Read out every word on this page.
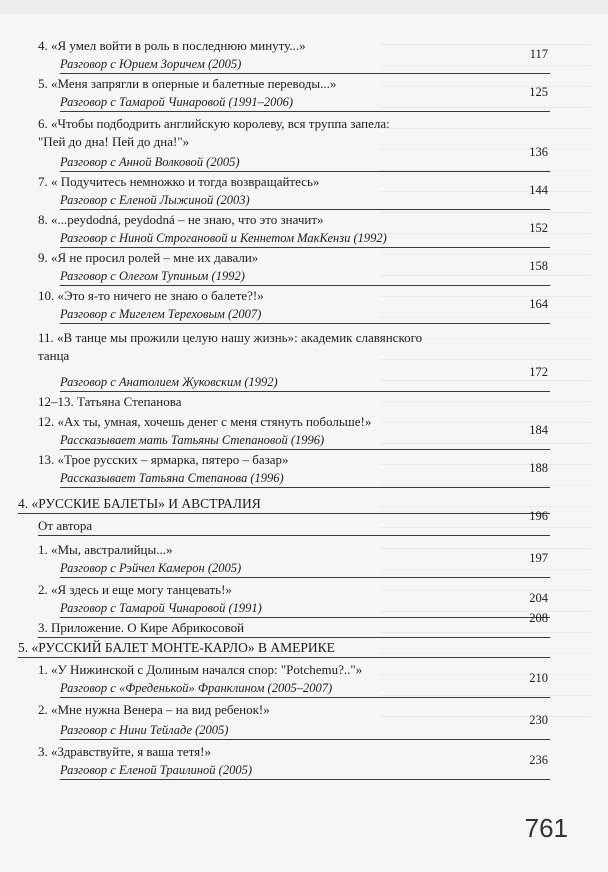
4. «Я умел войти в роль в последнюю минуту...»
Разговор с Юрием Зоричем (2005)
117
5. «Меня запрягли в оперные и балетные переводы...»
Разговор с Тамарой Чинаровой (1991–2006)
125
6. «Чтобы подбодрить английскую королеву, вся труппа запела:
"Пей до дна! Пей до дна!"»
Разговор с Анной Волковой (2005)
136
7. « Подучитесь немножко и тогда возвращайтесь»
Разговор с Еленой Лыжиной (2003)
144
8. «...peydodná, peydodná – не знаю, что это значит»
Разговор с Ниной Строгановой и Кеннетом МакКензи (1992)
152
9. «Я не просил ролей – мне их давали»
Разговор с Олегом Тупиным (1992)
158
10. «Это я-то ничего не знаю о балете?!»
Разговор с Мигелем Тереховым (2007)
164
11. «В танце мы прожили целую нашу жизнь»: академик славянского
танца
Разговор с Анатолием Жуковским (1992)
172
12–13. Татьяна Степанова
12. «Ах ты, умная, хочешь денег с меня стянуть побольше!»
Рассказывает мать Татьяны Степановой (1996)
184
13. «Трое русских – ярмарка, пятеро – базар»
Рассказывает Татьяна Степанова (1996)
188
4. «РУССКИЕ БАЛЕТЫ» И АВСТРАЛИЯ
От автора
196
1. «Мы, австралийцы...»
Разговор с Рэйчел Камерон (2005)
197
2. «Я здесь и еще могу танцевать!»
Разговор с Тамарой Чинаровой (1991)
204
3. Приложение. О Кире Абрикосовой
208
5. «РУССКИЙ БАЛЕТ МОНТЕ-КАРЛО» В АМЕРИКЕ
1. «У Нижинской с Долиным начался спор: "Potchemu?.."»
Разговор с «Фреденькой» Франклином (2005–2007)
210
2. «Мне нужна Венера – на вид ребенок!»
Разговор с Нини Тейладе (2005)
230
3. «Здравствуйте, я ваша тетя!»
Разговор с Еленой Траилиной (2005)
236
761
